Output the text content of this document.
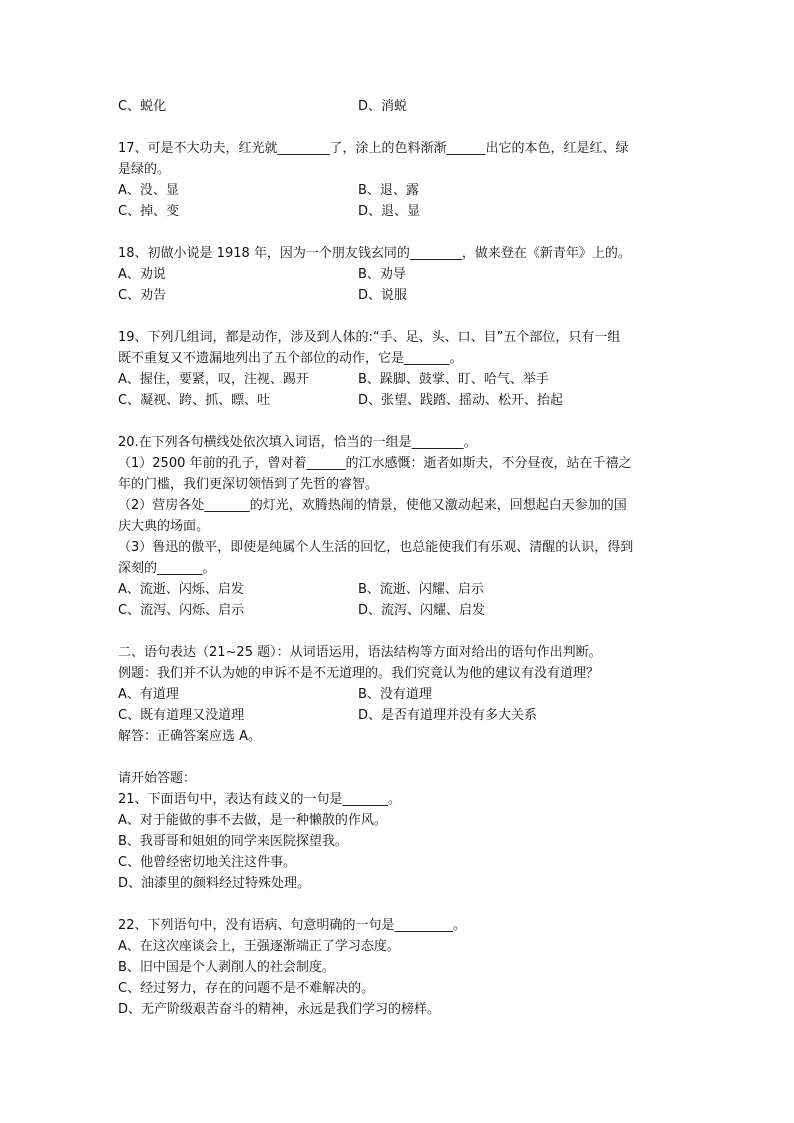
C、蜕化	D、消蜕
17、可是不大功夫，红光就________了，涂上的色料渐渐______出它的本色，红是红、绿
是绿的。
A、没、显	B、退、露
C、掉、变	D、退、显
18、初做小说是 1918 年，因为一个朋友钱玄同的________，做来登在《新青年》上的。
A、劝说	B、劝导
C、劝告	D、说服
19、下列几组词，都是动作，涉及到人体的:“手、足、头、口、目”五个部位，只有一组
既不重复又不遗漏地列出了五个部位的动作，它是_______。
A、握住，要紧，叹，注视、踢开	B、跺脚、鼓掌、盯、哈气、举手
C、凝视、跨、抓、瞟、吐	D、张望、践踏、摇动、松开、抬起
20.在下列各句横线处依次填入词语，恰当的一组是________。
（1）2500 年前的孔子，曾对着______的江水感慨：逝者如斯夫，不分昼夜，站在千禧之
年的门槛，我们更深切领悟到了先哲的睿智。
（2）营房各处_______的灯光，欢腾热闹的情景，使他又激动起来，回想起白天参加的国
庆大典的场面。
（3）鲁迅的傲平，即使是纯属个人生活的回忆，也总能使我们有乐观、清醒的认识，得到
深刻的_______。
A、流逝、闪烁、启发	B、流逝、闪耀、启示
C、流泻、闪烁、启示	D、流泻、闪耀、启发
二、语句表达（21~25 题）：从词语运用，语法结构等方面对给出的语句作出判断。
例题：我们并不认为她的申诉不是不无道理的。我们究竟认为他的建议有没有道理？
A、有道理	B、没有道理
C、既有道理又没道理	D、是否有道理并没有多大关系
解答：正确答案应选 A。
请开始答题：
21、下面语句中，表达有歧义的一句是_______。
A、对于能做的事不去做，是一种懒散的作风。
B、我哥哥和姐姐的同学来医院探望我。
C、他曾经密切地关注这件事。
D、油漆里的颜料经过特殊处理。
22、下列语句中，没有语病、句意明确的一句是_________。
A、在这次座谈会上，王强逐渐端正了学习态度。
B、旧中国是个人剥削人的社会制度。
C、经过努力，存在的问题不是不难解决的。
D、无产阶级艰苦奋斗的精神，永远是我们学习的榜样。
